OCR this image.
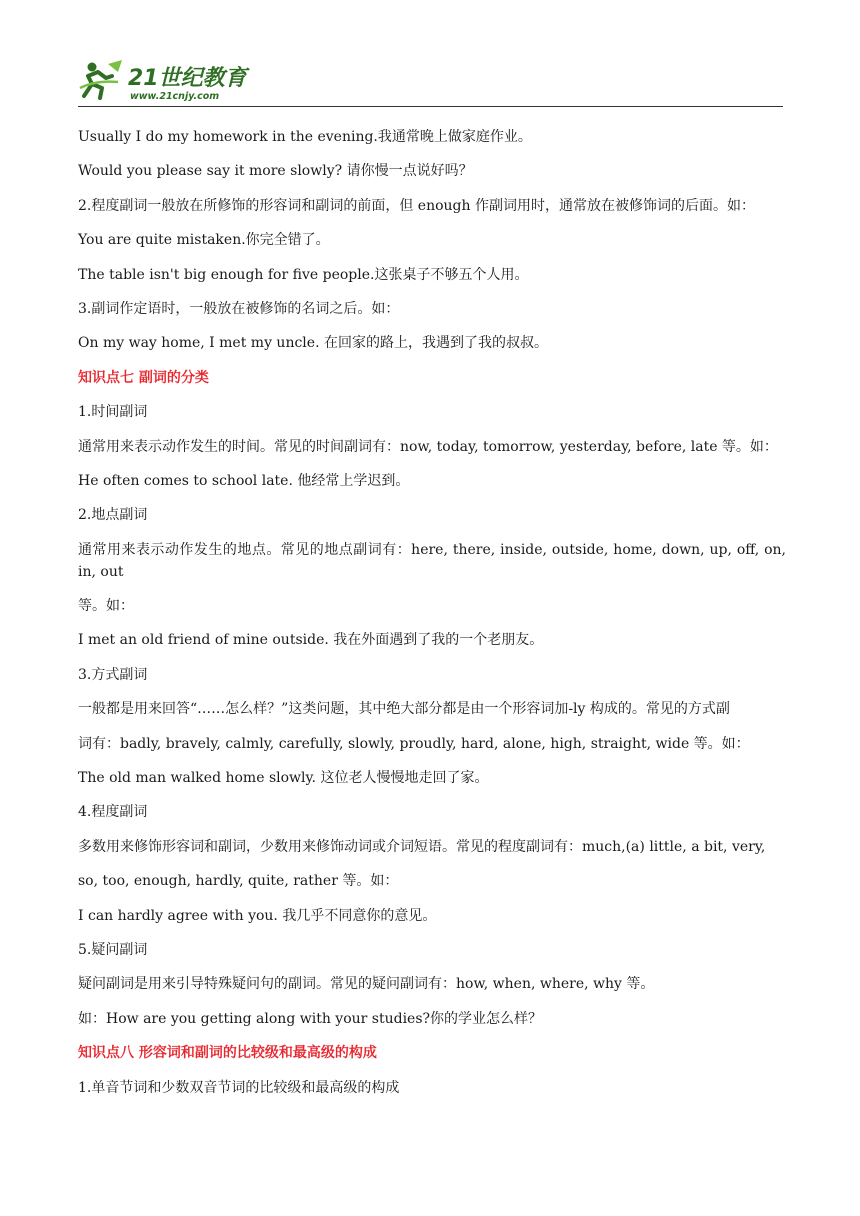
21世纪教育
www.21cnjy.com
Usually I do my homework in the evening.我通常晚上做家庭作业。
Would you please say it more slowly? 请你慢一点说好吗？
2.程度副词一般放在所修饰的形容词和副词的前面，但 enough 作副词用时，通常放在被修饰词的后面。如：
You are quite mistaken.你完全错了。
The table isn't big enough for five people.这张桌子不够五个人用。
3.副词作定语时，一般放在被修饰的名词之后。如：
On my way home, I met my uncle. 在回家的路上，我遇到了我的叔叔。
知识点七 副词的分类
1.时间副词
通常用来表示动作发生的时间。常见的时间副词有：now, today, tomorrow, yesterday, before, late 等。如：
He often comes to school late. 他经常上学迟到。
2.地点副词
通常用来表示动作发生的地点。常见的地点副词有：here, there, inside, outside, home, down, up, off, on, in, out
等。如：
I met an old friend of mine outside. 我在外面遇到了我的一个老朋友。
3.方式副词
一般都是用来回答“……怎么样？”这类问题，其中绝大部分都是由一个形容词加-ly 构成的。常见的方式副
词有：badly, bravely, calmly, carefully, slowly, proudly, hard, alone, high, straight, wide 等。如：
The old man walked home slowly. 这位老人慢慢地走回了家。
4.程度副词
多数用来修饰形容词和副词，少数用来修饰动词或介词短语。常见的程度副词有：much,(a) little, a bit, very,
so, too, enough, hardly, quite, rather 等。如：
I can hardly agree with you. 我几乎不同意你的意见。
5.疑问副词
疑问副词是用来引导特殊疑问句的副词。常见的疑问副词有：how, when, where, why 等。
如：How are you getting along with your studies?你的学业怎么样？
知识点八 形容词和副词的比较级和最高级的构成
1.单音节词和少数双音节词的比较级和最高级的构成
